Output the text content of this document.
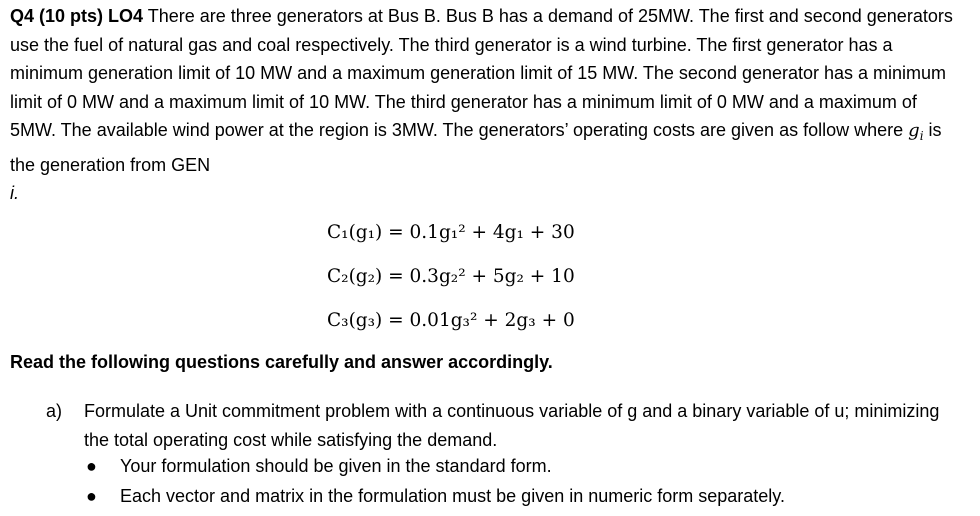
Q4 (10 pts) LO4 There are three generators at Bus B. Bus B has a demand of 25MW. The first and second generators use the fuel of natural gas and coal respectively. The third generator is a wind turbine. The first generator has a minimum generation limit of 10 MW and a maximum generation limit of 15 MW. The second generator has a minimum limit of 0 MW and a maximum limit of 10 MW. The third generator has a minimum limit of 0 MW and a maximum of 5MW. The available wind power at the region is 3MW. The generators’ operating costs are given as follow where $g_i$ is the generation from GEN
i.
C₁(g₁) = 0.1g₁² + 4g₁ + 30
C₂(g₂) = 0.3g₂² + 5g₂ + 10
C₃(g₃) = 0.01g₃² + 2g₃ + 0
Read the following questions carefully and answer accordingly.
a) Formulate a Unit commitment problem with a continuous variable of g and a binary variable of u; minimizing the total operating cost while satisfying the demand.
● Your formulation should be given in the standard form.
● Each vector and matrix in the formulation must be given in numeric form separately.
